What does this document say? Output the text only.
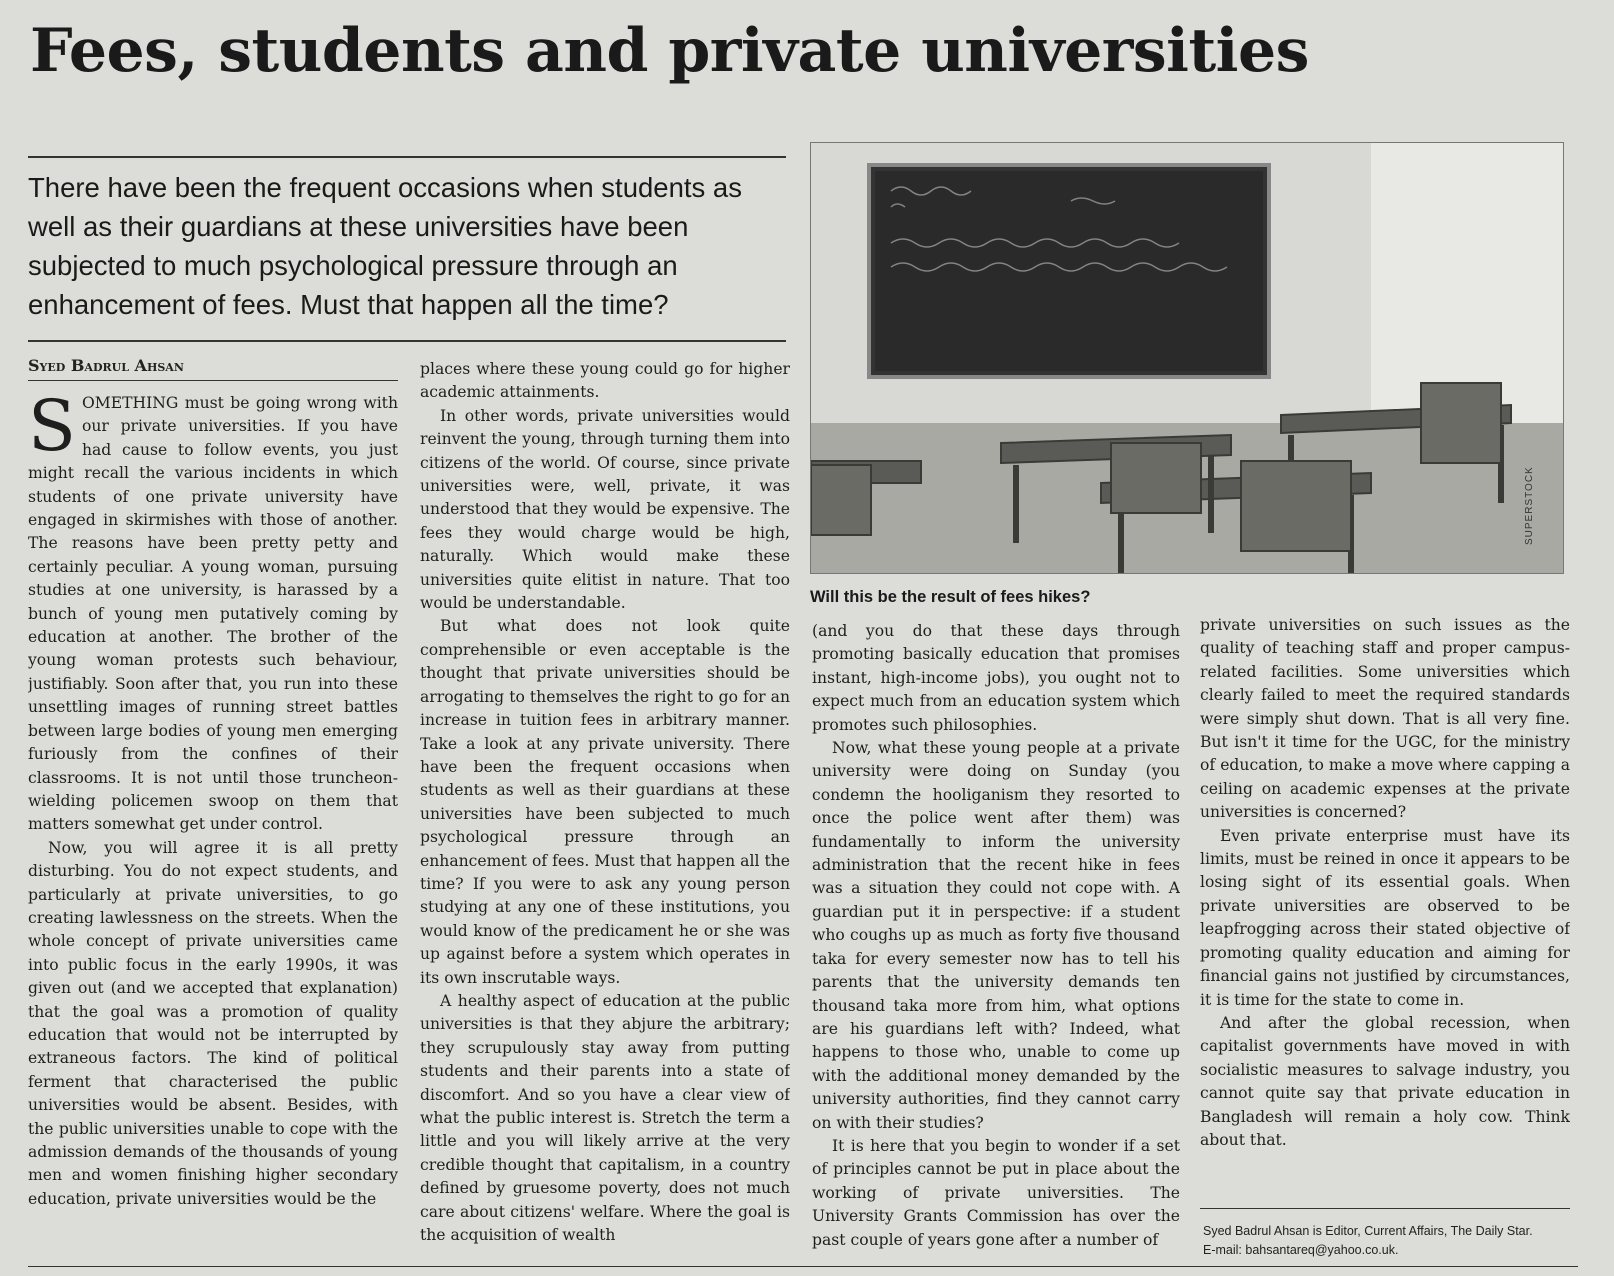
Fees, students and private universities

There have been the frequent occasions when students as well as their guardians at these universities have been subjected to much psychological pressure through an enhancement of fees. Must that happen all the time?

Syed Badrul Ahsan

SOMETHING must be going wrong with our private universities. If you have had cause to follow events, you just might recall the various incidents in which students of one private university have engaged in skirmishes with those of another. The reasons have been pretty petty and certainly peculiar. A young woman, pursuing studies at one university, is harassed by a bunch of young men putatively coming by education at another. The brother of the young woman protests such behaviour, justifiably. Soon after that, you run into these unsettling images of running street battles between large bodies of young men emerging furiously from the confines of their classrooms. It is not until those truncheon-wielding policemen swoop on them that matters somewhat get under control.

Now, you will agree it is all pretty disturbing. You do not expect students, and particularly at private universities, to go creating lawlessness on the streets. When the whole concept of private universities came into public focus in the early 1990s, it was given out (and we accepted that explanation) that the goal was a promotion of quality education that would not be interrupted by extraneous factors. The kind of political ferment that characterised the public universities would be absent. Besides, with the public universities unable to cope with the admission demands of the thousands of young men and women finishing higher secondary education, private universities would be the

places where these young could go for higher academic attainments.

In other words, private universities would reinvent the young, through turning them into citizens of the world. Of course, since private universities were, well, private, it was understood that they would be expensive. The fees they would charge would be high, naturally. Which would make these universities quite elitist in nature. That too would be understandable.

But what does not look quite comprehensible or even acceptable is the thought that private universities should be arrogating to themselves the right to go for an increase in tuition fees in arbitrary manner. Take a look at any private university. There have been the frequent occasions when students as well as their guardians at these universities have been subjected to much psychological pressure through an enhancement of fees. Must that happen all the time? If you were to ask any young person studying at any one of these institutions, you would know of the predicament he or she was up against before a system which operates in its own inscrutable ways.

A healthy aspect of education at the public universities is that they abjure the arbitrary; they scrupulously stay away from putting students and their parents into a state of discomfort. And so you have a clear view of what the public interest is. Stretch the term a little and you will likely arrive at the very credible thought that capitalism, in a country defined by gruesome poverty, does not much care about citizens' welfare. Where the goal is the acquisition of wealth

SUPERSTOCK

Will this be the result of fees hikes?

(and you do that these days through promoting basically education that promises instant, high-income jobs), you ought not to expect much from an education system which promotes such philosophies.

Now, what these young people at a private university were doing on Sunday (you condemn the hooliganism they resorted to once the police went after them) was fundamentally to inform the university administration that the recent hike in fees was a situation they could not cope with. A guardian put it in perspective: if a student who coughs up as much as forty five thousand taka for every semester now has to tell his parents that the university demands ten thousand taka more from him, what options are his guardians left with? Indeed, what happens to those who, unable to come up with the additional money demanded by the university authorities, find they cannot carry on with their studies?

It is here that you begin to wonder if a set of principles cannot be put in place about the working of private universities. The University Grants Commission has over the past couple of years gone after a number of

private universities on such issues as the quality of teaching staff and proper campus-related facilities. Some universities which clearly failed to meet the required standards were simply shut down. That is all very fine. But isn't it time for the UGC, for the ministry of education, to make a move where capping a ceiling on academic expenses at the private universities is concerned?

Even private enterprise must have its limits, must be reined in once it appears to be losing sight of its essential goals. When private universities are observed to be leapfrogging across their stated objective of promoting quality education and aiming for financial gains not justified by circumstances, it is time for the state to come in.

And after the global recession, when capitalist governments have moved in with socialistic measures to salvage industry, you cannot quite say that private education in Bangladesh will remain a holy cow. Think about that.

Syed Badrul Ahsan is Editor, Current Affairs, The Daily Star.
E-mail: bahsantareq@yahoo.co.uk.
